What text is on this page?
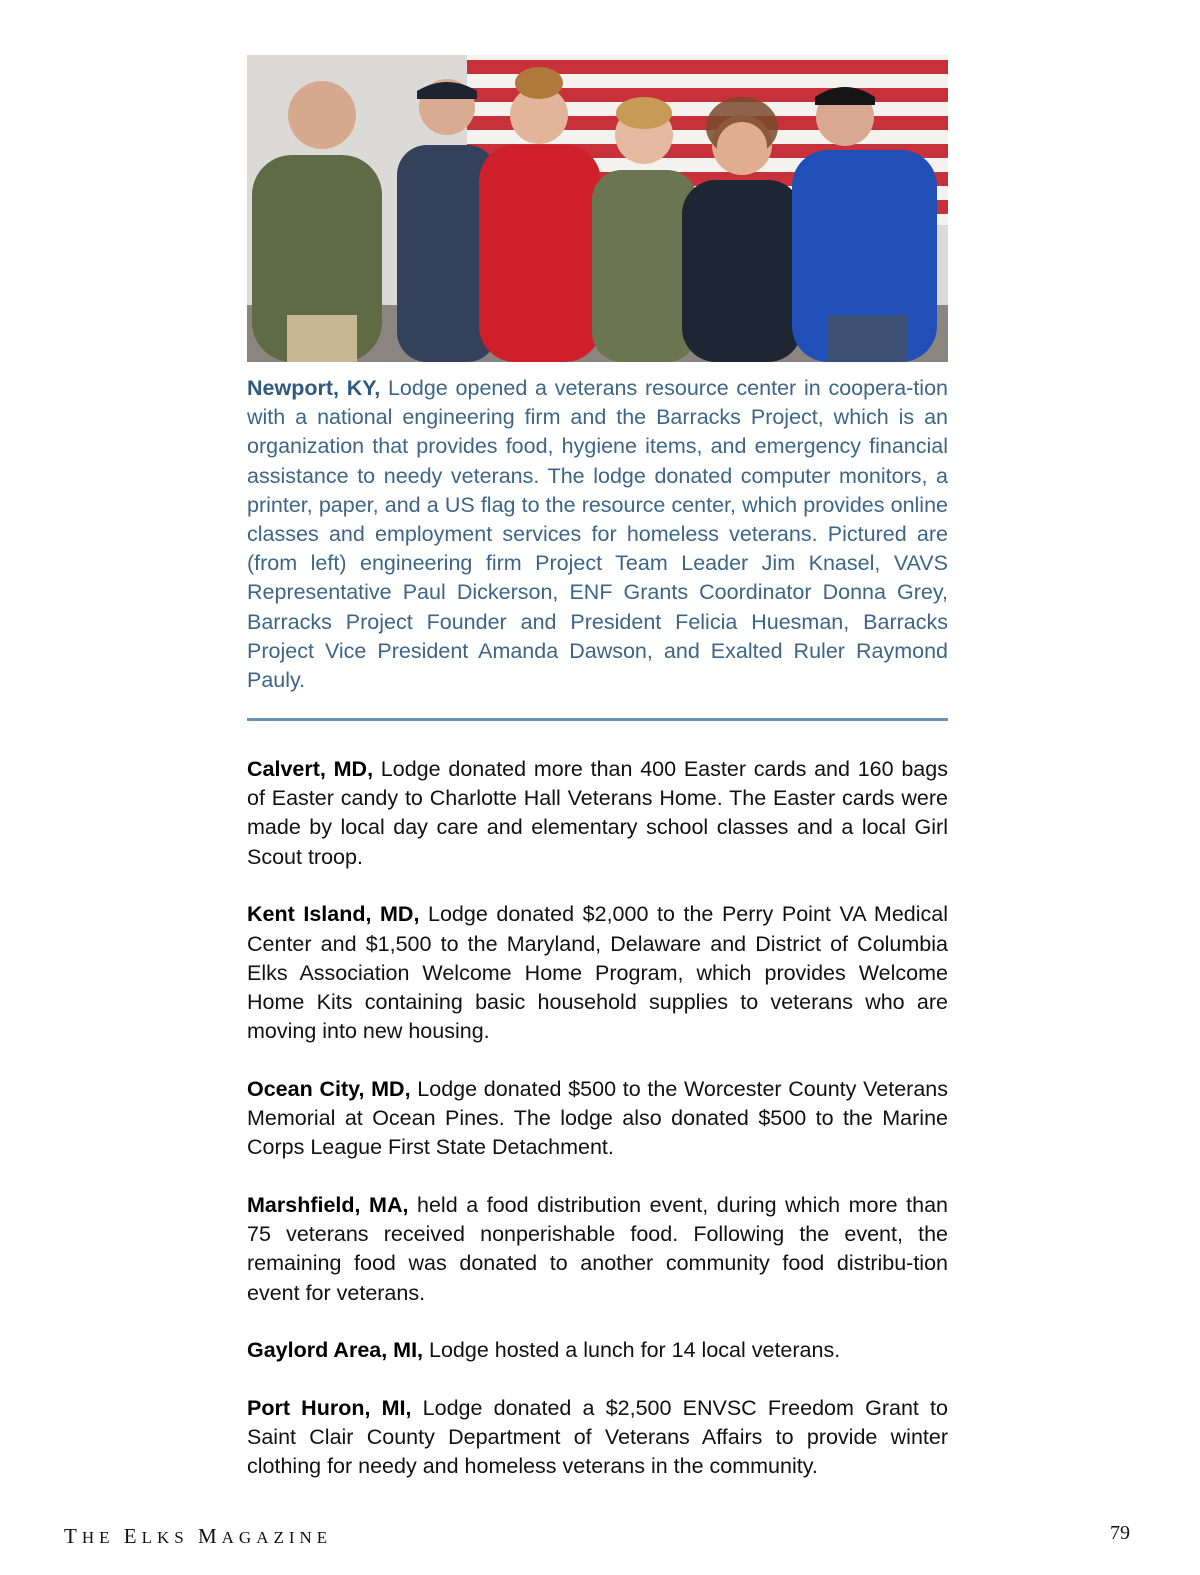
Newport, KY, Lodge opened a veterans resource center in coopera-tion with a national engineering firm and the Barracks Project, which is an organization that provides food, hygiene items, and emergency financial assistance to needy veterans. The lodge donated computer monitors, a printer, paper, and a US flag to the resource center, which provides online classes and employment services for homeless veterans. Pictured are (from left) engineering firm Project Team Leader Jim Knasel, VAVS Representative Paul Dickerson, ENF Grants Coordinator Donna Grey, Barracks Project Founder and President Felicia Huesman, Barracks Project Vice President Amanda Dawson, and Exalted Ruler Raymond Pauly.

Calvert, MD, Lodge donated more than 400 Easter cards and 160 bags of Easter candy to Charlotte Hall Veterans Home. The Easter cards were made by local day care and elementary school classes and a local Girl Scout troop.

Kent Island, MD, Lodge donated $2,000 to the Perry Point VA Medical Center and $1,500 to the Maryland, Delaware and District of Columbia Elks Association Welcome Home Program, which provides Welcome Home Kits containing basic household supplies to veterans who are moving into new housing.

Ocean City, MD, Lodge donated $500 to the Worcester County Veterans Memorial at Ocean Pines. The lodge also donated $500 to the Marine Corps League First State Detachment.

Marshfield, MA, held a food distribution event, during which more than 75 veterans received nonperishable food. Following the event, the remaining food was donated to another community food distribu-tion event for veterans.

Gaylord Area, MI, Lodge hosted a lunch for 14 local veterans.

Port Huron, MI, Lodge donated a $2,500 ENVSC Freedom Grant to Saint Clair County Department of Veterans Affairs to provide winter clothing for needy and homeless veterans in the community.

THE ELKS MAGAZINE	79
